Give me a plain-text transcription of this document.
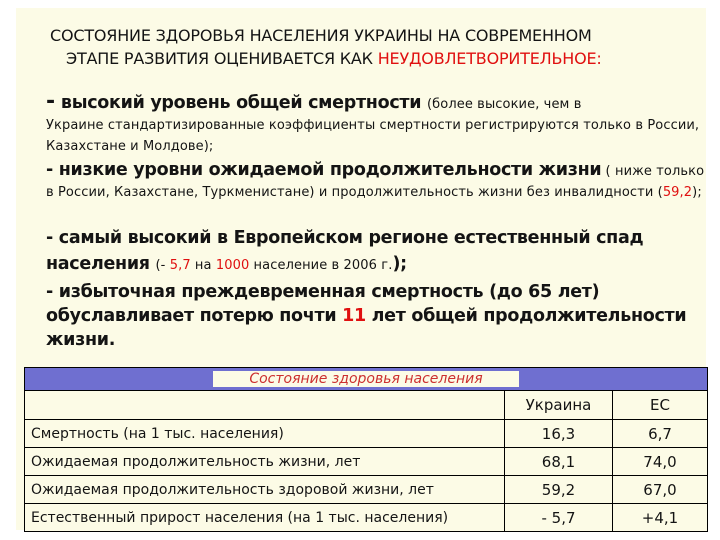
СОСТОЯНИЕ ЗДОРОВЬЯ НАСЕЛЕНИЯ УКРАИНЫ НА СОВРЕМЕННОМ
ЭТАПЕ РАЗВИТИЯ ОЦЕНИВАЕТСЯ КАК НЕУДОВЛЕТВОРИТЕЛЬНОЕ:
- высокий уровень общей смертности (более высокие, чем в
Украине стандартизированные коэффициенты смертности регистрируются только в России, Казахстане и Молдове);
- низкие уровни ожидаемой продолжительности жизни ( ниже только в России, Казахстане, Туркменистане) и продолжительность жизни без инвалидности (59,2);
- самый высокий в Европейском регионе естественный спад населения (- 5,7 на 1000 население в 2006 г.);
- избыточная преждевременная смертность (до 65 лет) обуславливает потерю почти 11 лет общей продолжительности жизни.
Состояние здоровья населения		
	Украина	ЕС
Смертность (на 1 тыс. населения)	16,3	6,7
Ожидаемая продолжительность жизни, лет	68,1	74,0
Ожидаемая продолжительность здоровой жизни, лет	59,2	67,0
Естественный прирост населения (на 1 тыс. населения)	- 5,7	+4,1
